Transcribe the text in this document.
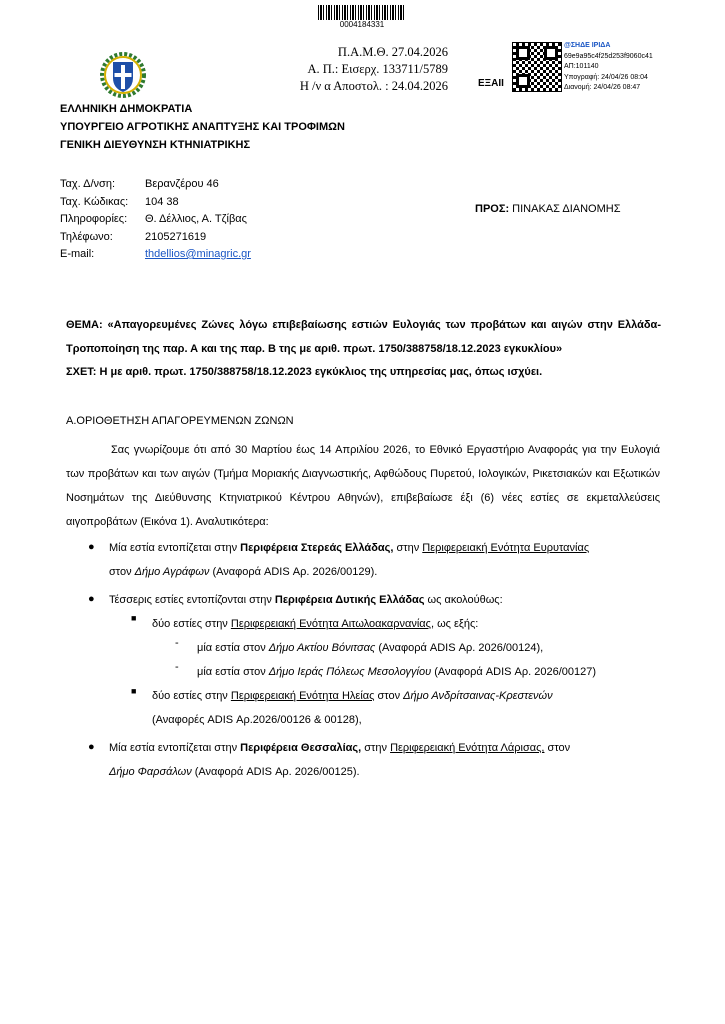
0004184331
Π.Α.Μ.Θ. 27.04.2026
Α. Π.: Εισερχ. 133711/5789
Η /ν α Αποστολ. : 24.04.2026	ΕΞΑΙΙ
@ΣΗΔΕ ΙΡΙΔΑ
69e9a95c4f25d253f9060c41
ΑΠ:101140
Υπογραφή: 24/04/26 08:04
Διανομή: 24/04/26 08:47
ΕΛΛΗΝΙΚΗ ΔΗΜΟΚΡΑΤΙΑ
ΥΠΟΥΡΓΕΙΟ ΑΓΡΟΤΙΚΗΣ ΑΝΑΠΤΥΞΗΣ ΚΑΙ ΤΡΟΦΙΜΩΝ
ΓΕΝΙΚΗ ΔΙΕΥΘΥΝΣΗ ΚΤΗΝΙΑΤΡΙΚΗΣ
Ταχ. Δ/νση:	Βερανζέρου 46
Ταχ. Κώδικας: 104 38
Πληροφορίες: Θ. Δέλλιος, Α. Τζίβας
Τηλέφωνο:	2105271619
E-mail:	thdellios@minagric.gr
ΠΡΟΣ: ΠΙΝΑΚΑΣ ΔΙΑΝΟΜΗΣ
ΘΕΜΑ: «Απαγορευμένες Ζώνες λόγω επιβεβαίωσης εστιών Ευλογιάς των προβάτων και αιγών στην Ελλάδα-Τροποποίηση της παρ. Α και της παρ. Β της με αριθ. πρωτ. 1750/388758/18.12.2023 εγκυκλίου»
ΣΧΕΤ: Η με αριθ. πρωτ. 1750/388758/18.12.2023 εγκύκλιος της υπηρεσίας μας, όπως ισχύει.
Α.ΟΡΙΟΘΕΤΗΣΗ ΑΠΑΓΟΡΕΥΜΕΝΩΝ ΖΩΝΩΝ

Σας γνωρίζουμε ότι από 30 Μαρτίου έως 14 Απριλίου 2026, το Εθνικό Εργαστήριο Αναφοράς για την Ευλογιά των προβάτων και των αιγών (Τμήμα Μοριακής Διαγνωστικής, Αφθώδους Πυρετού, Ιολογικών, Ρικετσιακών και Εξωτικών Νοσημάτων της Διεύθυνσης Κτηνιατρικού Κέντρου Αθηνών), επιβεβαίωσε έξι (6) νέες εστίες σε εκμεταλλεύσεις αιγοπροβάτων (Εικόνα 1). Αναλυτικότερα:

● Μία εστία εντοπίζεται στην Περιφέρεια Στερεάς Ελλάδας, στην Περιφερειακή Ενότητα Ευρυτανίας
στον Δήμο Αγράφων (Αναφορά ADIS Αρ. 2026/00129).
● Τέσσερις εστίες εντοπίζονται στην Περιφέρεια Δυτικής Ελλάδας ως ακολούθως:
■ δύο εστίες στην Περιφερειακή Ενότητα Αιτωλοακαρνανίας, ως εξής:
- μία εστία στον Δήμο Ακτίου Βόνιτσας (Αναφορά ADIS Αρ. 2026/00124),
- μία εστία στον Δήμο Ιεράς Πόλεως Μεσολογγίου (Αναφορά ADIS Αρ. 2026/00127)
■ δύο εστίες στην Περιφερειακή Ενότητα Ηλείας στον Δήμο Ανδρίτσαινας-Κρεστενών
(Αναφορές ADIS Αρ.2026/00126 & 00128),
● Μία εστία εντοπίζεται στην Περιφέρεια Θεσσαλίας, στην Περιφερειακή Ενότητα Λάρισας, στον
Δήμο Φαρσάλων (Αναφορά ADIS Αρ. 2026/00125).
